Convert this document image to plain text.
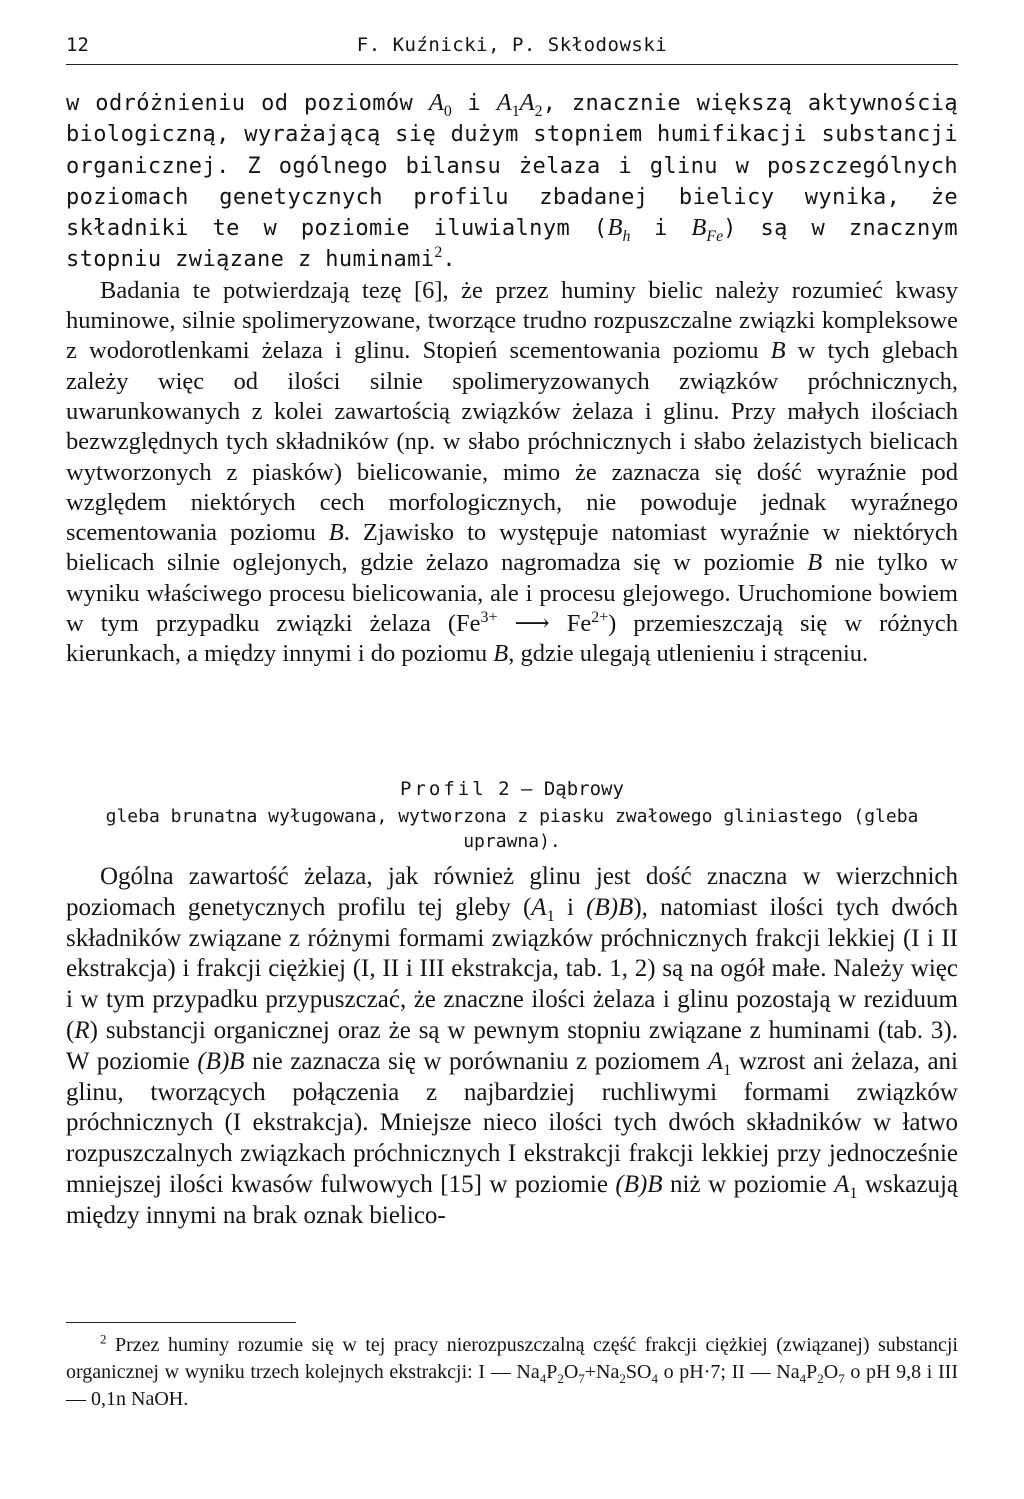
12	F. Kuźnicki, P. Skłodowski

w odróżnieniu od poziomów $A_0$ i $A_1A_2$, znacznie większą aktywnością biologiczną, wyrażającą się dużym stopniem humifikacji substancji organicznej. Z ogólnego bilansu żelaza i glinu w poszczególnych poziomach genetycznych profilu zbadanej bielicy wynika, że składniki te w poziomie iluwialnym ($B_h$ i $B_{Fe}$) są w znacznym stopniu związane z huminami$^2$.

Badania te potwierdzają tezę [6], że przez huminy bielic należy rozumieć kwasy huminowe, silnie spolimeryzowane, tworzące trudno rozpuszczalne związki kompleksowe z wodorotlenkami żelaza i glinu. Stopień scementowania poziomu B w tych glebach zależy więc od ilości silnie spolimeryzowanych związków próchnicznych, uwarunkowanych z kolei zawartością związków żelaza i glinu. Przy małych ilościach bezwzględnych tych składników (np. w słabo próchnicznych i słabo żelazistych bielicach wytworzonych z piasków) bielicowanie, mimo że zaznacza się dość wyraźnie pod względem niektórych cech morfologicznych, nie powoduje jednak wyraźnego scementowania poziomu B. Zjawisko to występuje natomiast wyraźnie w niektórych bielicach silnie oglejonych, gdzie żelazo nagromadza się w poziomie B nie tylko w wyniku właściwego procesu bielicowania, ale i procesu glejowego. Uruchomione bowiem w tym przypadku związki żelaza ($Fe^{3+}$ ⟶ $Fe^{2+}$) przemieszczają się w różnych kierunkach, a między innymi i do poziomu B, gdzie ulegają utlenieniu i strąceniu.

Profil 2 — Dąbrowy
gleba brunatna wyługowana, wytworzona z piasku zwałowego gliniastego (gleba uprawna).

Ogólna zawartość żelaza, jak również glinu jest dość znaczna w wierzchnich poziomach genetycznych profilu tej gleby ($A_1$ i (B)B), natomiast ilości tych dwóch składników związane z różnymi formami związków próchnicznych frakcji lekkiej (I i II ekstrakcja) i frakcji ciężkiej (I, II i III ekstrakcja, tab. 1, 2) są na ogół małe. Należy więc i w tym przypadku przypuszczać, że znaczne ilości żelaza i glinu pozostają w reziduum (R) substancji organicznej oraz że są w pewnym stopniu związane z huminami (tab. 3). W poziomie (B)B nie zaznacza się w porównaniu z poziomem $A_1$ wzrost ani żelaza, ani glinu, tworzących połączenia z najbardziej ruchliwymi formami związków próchnicznych (I ekstrakcja). Mniejsze nieco ilości tych dwóch składników w łatwo rozpuszczalnych związkach próchnicznych I ekstrakcji frakcji lekkiej przy jednocześnie mniejszej ilości kwasów fulwowych [15] w poziomie (B)B niż w poziomie $A_1$ wskazują między innymi na brak oznak bielico-

$^2$ Przez huminy rozumie się w tej pracy nierozpuszczalną część frakcji ciężkiej (związanej) substancji organicznej w wyniku trzech kolejnych ekstrakcji: I — $Na_4P_2O_7+Na_2SO_4$ o pH·7; II — $Na_4P_2O_7$ o pH 9,8 i III — 0,1n NaOH.
